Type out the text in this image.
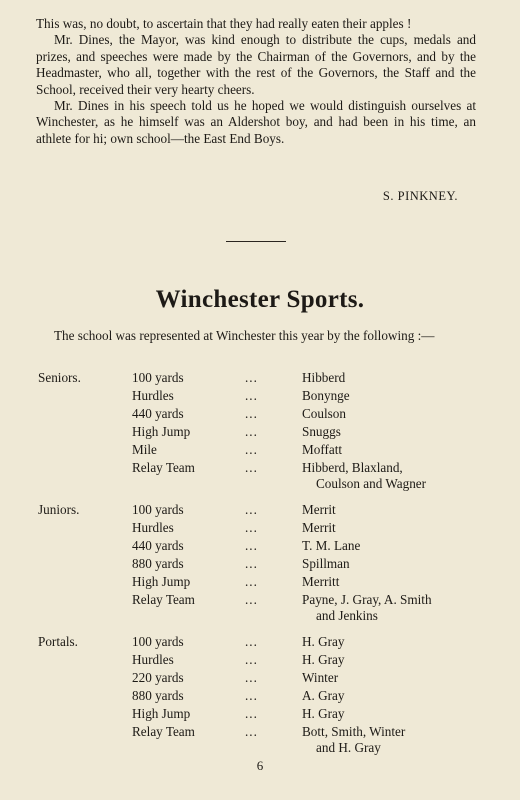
This was, no doubt, to ascertain that they had really eaten their apples !

Mr. Dines, the Mayor, was kind enough to distribute the cups, medals and prizes, and speeches were made by the Chairman of the Governors, and by the Headmaster, who all, together with the rest of the Governors, the Staff and the School, received their very hearty cheers.

Mr. Dines in his speech told us he hoped we would distinguish ourselves at Winchester, as he himself was an Aldershot boy, and had been in his time, an athlete for hi; own school—the East End Boys.

S. PINKNEY.
Winchester Sports.

The school was represented at Winchester this year by the following :—

Seniors.	100 yards	...	Hibberd
Hurdles	...	Bonynge
440 yards	...	Coulson
High Jump	...	Snuggs
Mile	...	Moffatt
Relay Team	...	Hibberd, Blaxland,
Coulson and Wagner
Juniors.	100 yards	...	Merrit
Hurdles	...	Merrit
440 yards	...	T. M. Lane
880 yards	...	Spillman
High Jump	...	Merritt
Relay Team	...	Payne, J. Gray, A. Smith
and Jenkins
Portals.	100 yards	...	H. Gray
Hurdles	...	H. Gray
220 yards	...	Winter
880 yards	...	A. Gray
High Jump	...	H. Gray
Relay Team	...	Bott, Smith, Winter
and H. Gray
6
